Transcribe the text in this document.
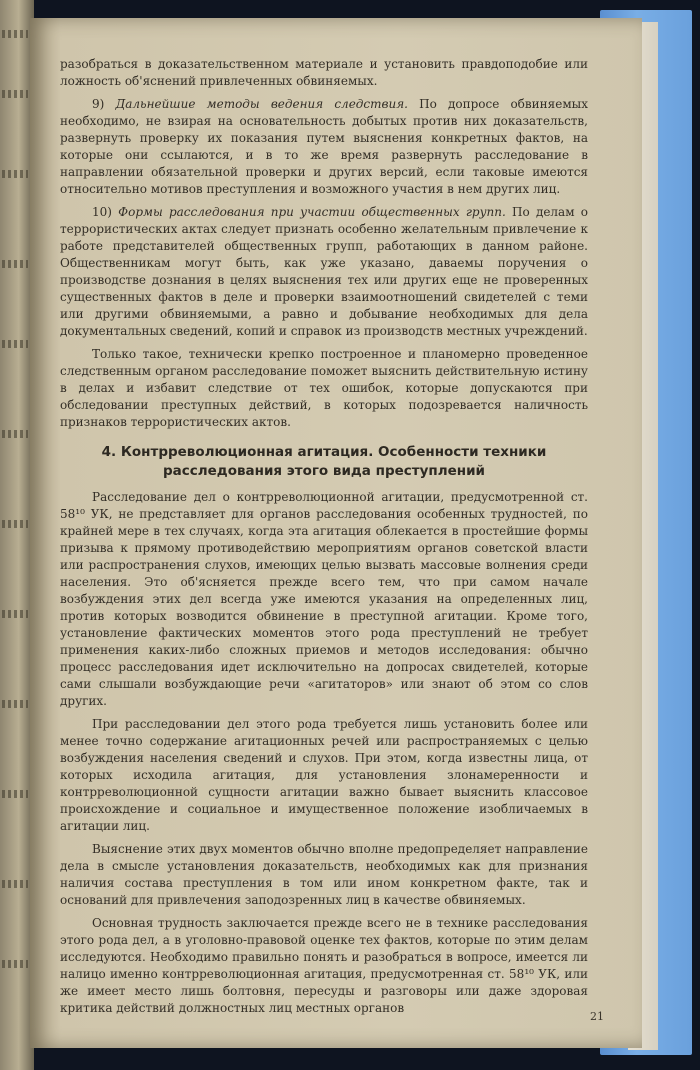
разобраться в доказательственном материале и установить правдоподобие или ложность об'яснений привлеченных обвиняемых.

9) Дальнейшие методы ведения следствия. По допросе обвиняемых необходимо, не взирая на основательность добытых против них доказательств, развернуть проверку их показания путем выяснения конкретных фактов, на которые они ссылаются, и в то же время развернуть расследование в направлении обязательной проверки и других версий, если таковые имеются относительно мотивов преступления и возможного участия в нем других лиц.

10) Формы расследования при участии общественных групп. По делам о террористических актах следует признать особенно желательным привлечение к работе представителей общественных групп, работающих в данном районе. Общественникам могут быть, как уже указано, даваемы поручения о производстве дознания в целях выяснения тех или других еще не проверенных существенных фактов в деле и проверки взаимоотношений свидетелей с теми или другими обвиняемыми, а равно и добывание необходимых для дела документальных сведений, копий и справок из производств местных учреждений.

Только такое, технически крепко построенное и планомерно проведенное следственным органом расследование поможет выяснить действительную истину в делах и избавит следствие от тех ошибок, которые допускаются при обследовании преступных действий, в которых подозревается наличность признаков террористических актов.

4. Контрреволюционная агитация. Особенности техники
расследования этого вида преступлений

Расследование дел о контрреволюционной агитации, предусмотренной ст. 58¹⁰ УК, не представляет для органов расследования особенных трудностей, по крайней мере в тех случаях, когда эта агитация облекается в простейшие формы призыва к прямому противодействию мероприятиям органов советской власти или распространения слухов, имеющих целью вызвать массовые волнения среди населения. Это об'ясняется прежде всего тем, что при самом начале возбуждения этих дел всегда уже имеются указания на определенных лиц, против которых возводится обвинение в преступной агитации. Кроме того, установление фактических моментов этого рода преступлений не требует применения каких-либо сложных приемов и методов исследования: обычно процесс расследования идет исключительно на допросах свидетелей, которые сами слышали возбуждающие речи «агитаторов» или знают об этом со слов других.

При расследовании дел этого рода требуется лишь установить более или менее точно содержание агитационных речей или распространяемых с целью возбуждения населения сведений и слухов. При этом, когда известны лица, от которых исходила агитация, для установления злонамеренности и контрреволюционной сущности агитации важно бывает выяснить классовое происхождение и социальное и имущественное положение изобличаемых в агитации лиц.

Выяснение этих двух моментов обычно вполне предопределяет направление дела в смысле установления доказательств, необходимых как для признания наличия состава преступления в том или ином конкретном факте, так и оснований для привлечения заподозренных лиц в качестве обвиняемых.

Основная трудность заключается прежде всего не в технике расследования этого рода дел, а в уголовно-правовой оценке тех фактов, которые по этим делам исследуются. Необходимо правильно понять и разобраться в вопросе, имеется ли налицо именно контрреволюционная агитация, предусмотренная ст. 58¹⁰ УК, или же имеет место лишь болтовня, пересуды и разговоры или даже здоровая критика действий должностных лиц местных органов

21
